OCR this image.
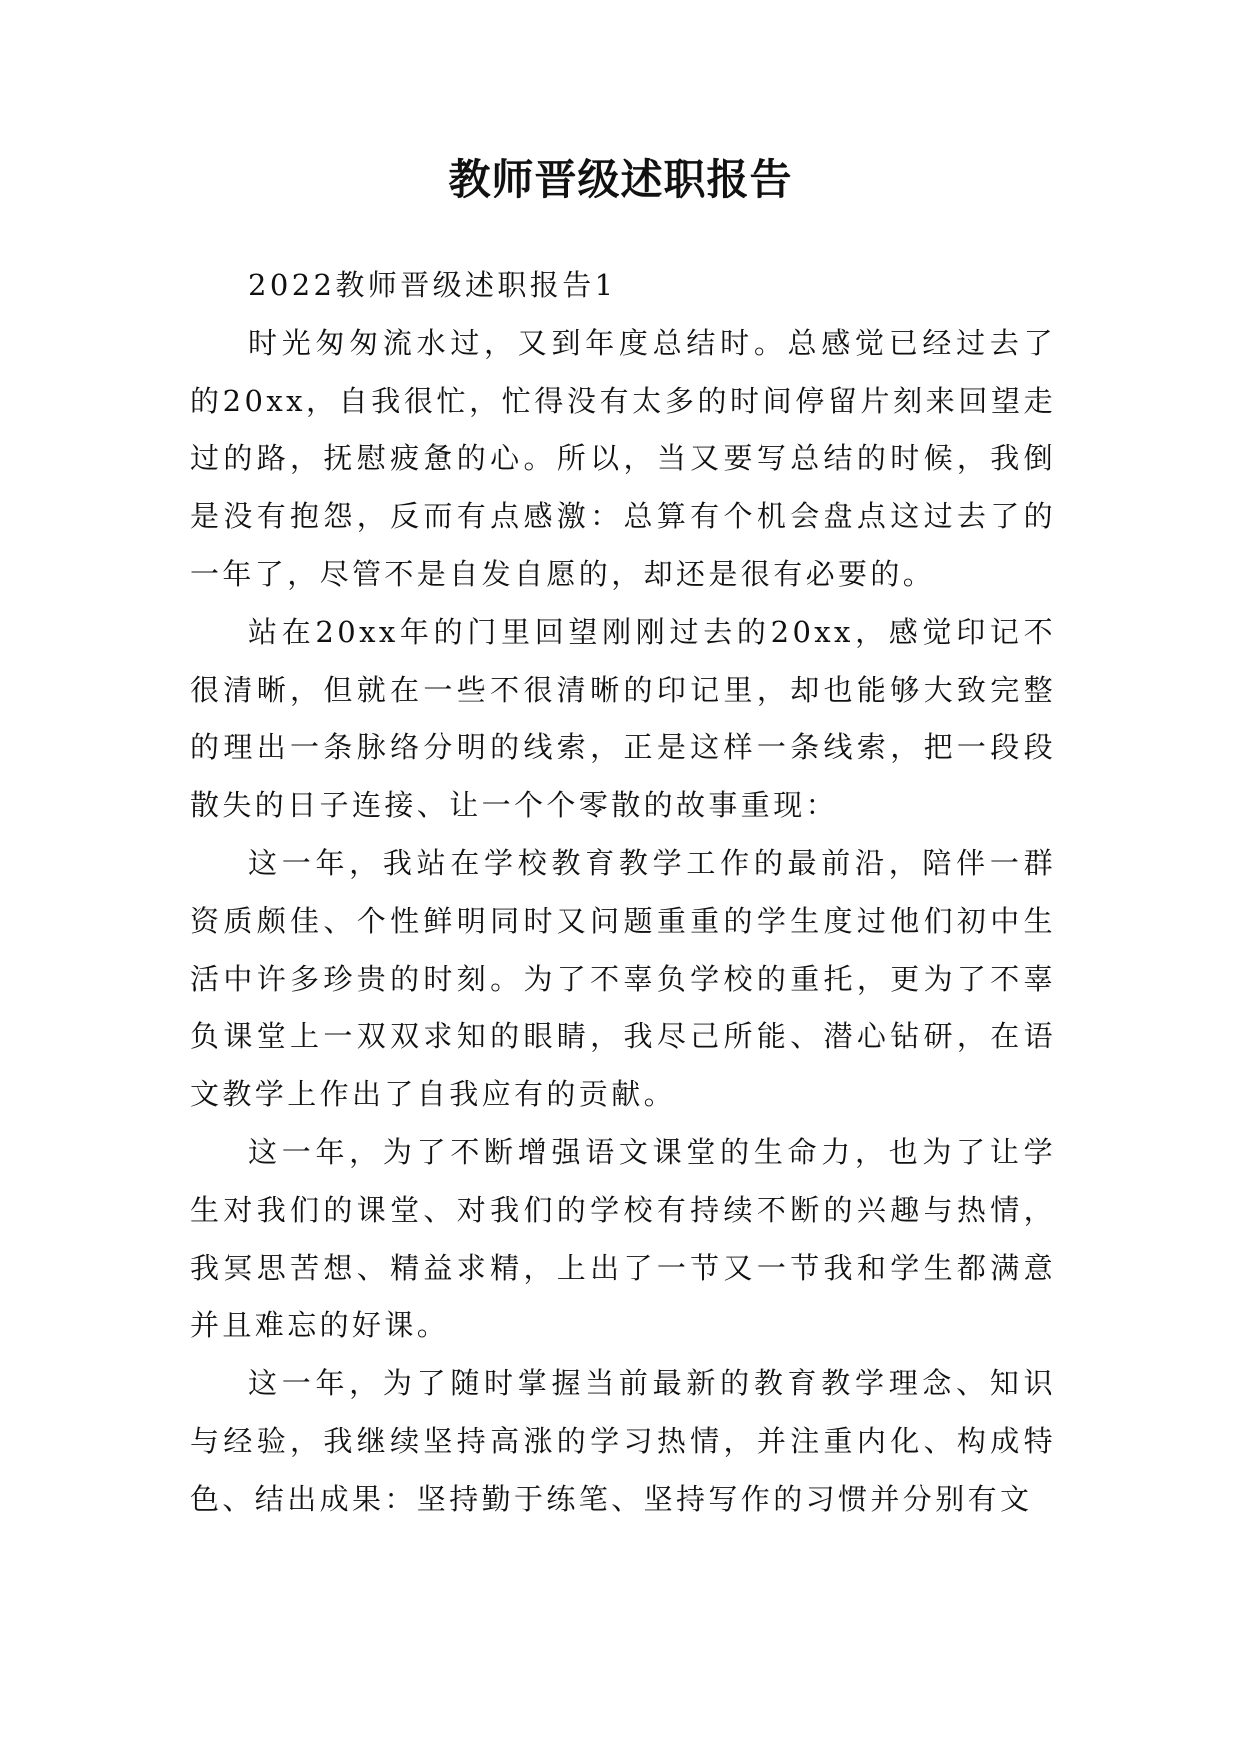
教师晋级述职报告

2022教师晋级述职报告1

时光匆匆流水过，又到年度总结时。总感觉已经过去了的20xx，自我很忙，忙得没有太多的时间停留片刻来回望走过的路，抚慰疲惫的心。所以，当又要写总结的时候，我倒是没有抱怨，反而有点感激：总算有个机会盘点这过去了的一年了，尽管不是自发自愿的，却还是很有必要的。

站在20xx年的门里回望刚刚过去的20xx，感觉印记不很清晰，但就在一些不很清晰的印记里，却也能够大致完整的理出一条脉络分明的线索，正是这样一条线索，把一段段散失的日子连接、让一个个零散的故事重现：

这一年，我站在学校教育教学工作的最前沿，陪伴一群资质颇佳、个性鲜明同时又问题重重的学生度过他们初中生活中许多珍贵的时刻。为了不辜负学校的重托，更为了不辜负课堂上一双双求知的眼睛，我尽己所能、潜心钻研，在语文教学上作出了自我应有的贡献。

这一年，为了不断增强语文课堂的生命力，也为了让学生对我们的课堂、对我们的学校有持续不断的兴趣与热情，我冥思苦想、精益求精，上出了一节又一节我和学生都满意并且难忘的好课。

这一年，为了随时掌握当前最新的教育教学理念、知识与经验，我继续坚持高涨的学习热情，并注重内化、构成特色、结出成果：坚持勤于练笔、坚持写作的习惯并分别有文
